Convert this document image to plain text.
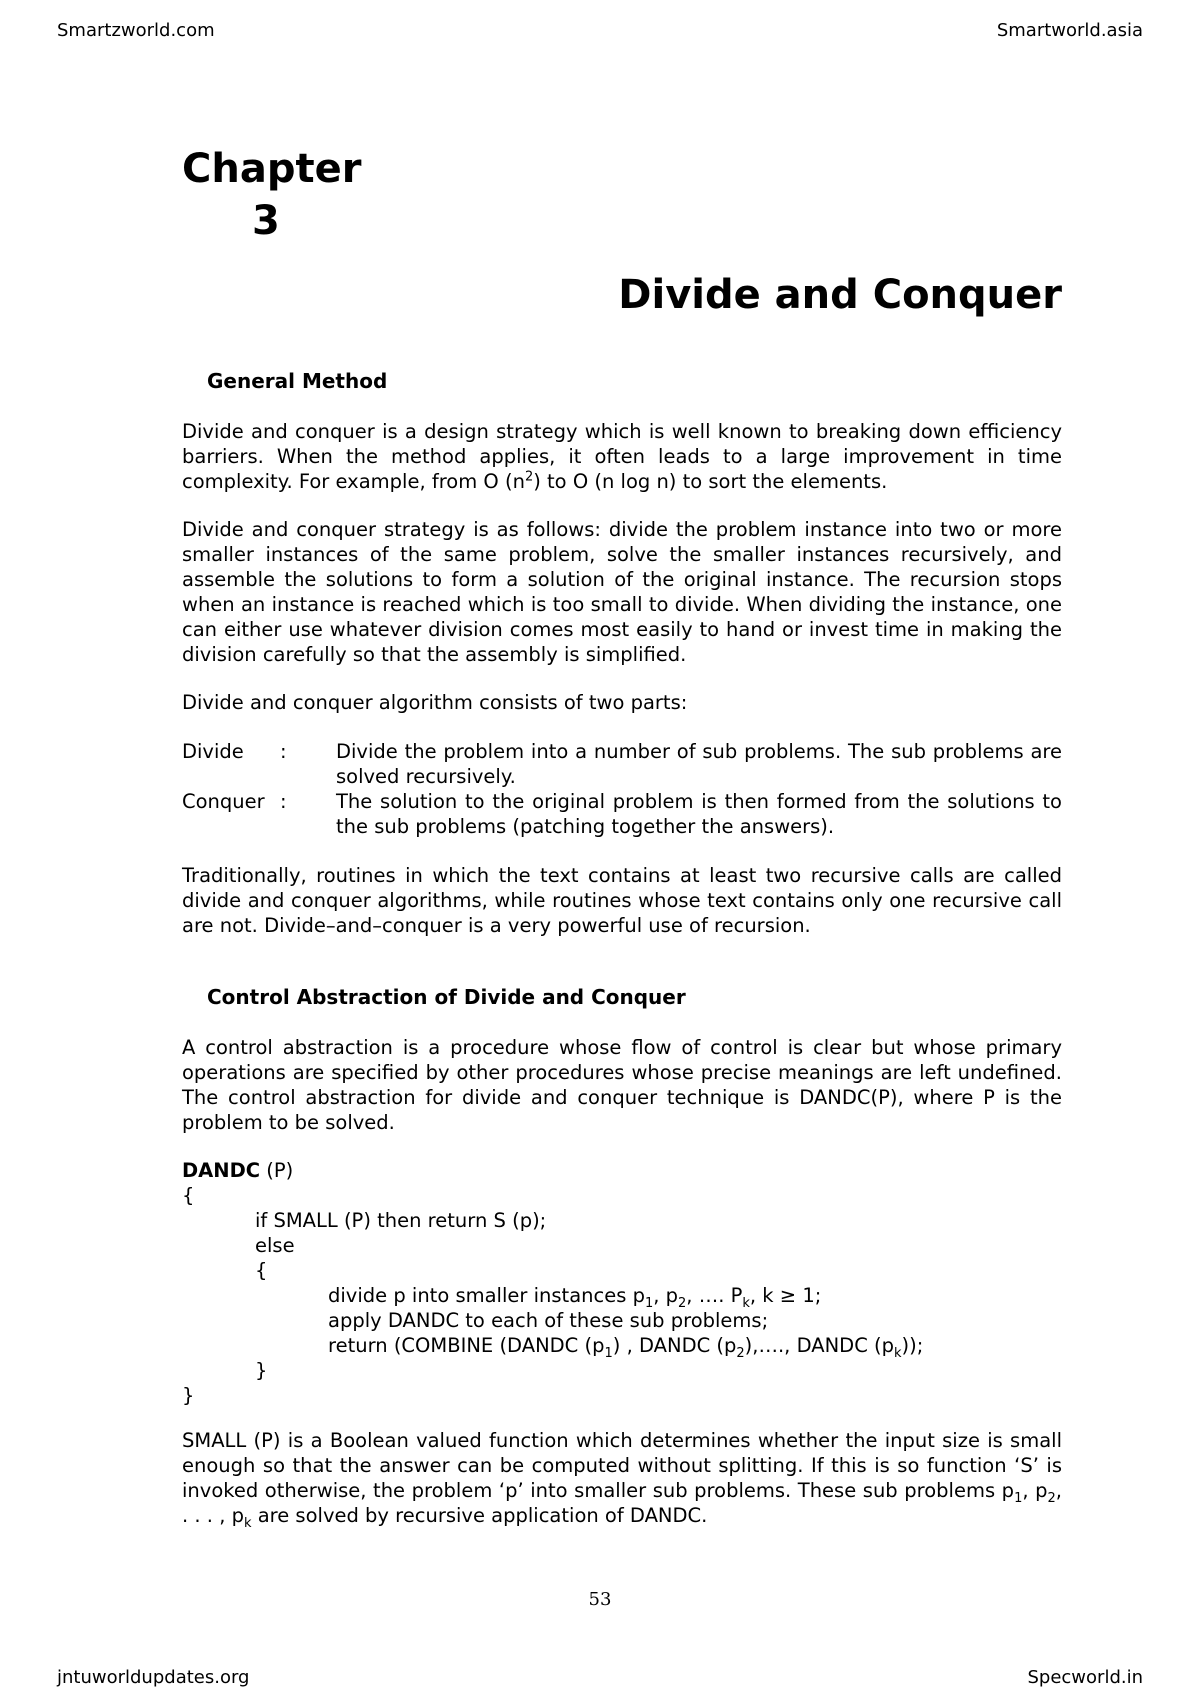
Smartzworld.com	Smartworld.asia
Chapter
3
Divide and Conquer
General Method

Divide and conquer is a design strategy which is well known to breaking down efficiency barriers. When the method applies, it often leads to a large improvement in time complexity. For example, from O $(n^2)$ to O (n log n) to sort the elements.

Divide and conquer strategy is as follows: divide the problem instance into two or more smaller instances of the same problem, solve the smaller instances recursively, and assemble the solutions to form a solution of the original instance. The recursion stops when an instance is reached which is too small to divide. When dividing the instance, one can either use whatever division comes most easily to hand or invest time in making the division carefully so that the assembly is simplified.

Divide and conquer algorithm consists of two parts:

Divide	:	Divide the problem into a number of sub problems. The sub problems are solved recursively.
Conquer :	The solution to the original problem is then formed from the solutions to the sub problems (patching together the answers).

Traditionally, routines in which the text contains at least two recursive calls are called divide and conquer algorithms, while routines whose text contains only one recursive call are not. Divide–and–conquer is a very powerful use of recursion.

Control Abstraction of Divide and Conquer

A control abstraction is a procedure whose flow of control is clear but whose primary operations are specified by other procedures whose precise meanings are left undefined. The control abstraction for divide and conquer technique is DANDC(P), where P is the problem to be solved.

DANDC (P)
{
if SMALL (P) then return S (p);
else
{
divide p into smaller instances $p_1$, $p_2$, …. $P_k$, k ≥ 1;
apply DANDC to each of these sub problems;
return (COMBINE (DANDC $(p_1)$ , DANDC $(p_2),\dots$., DANDC $(p_k)$);
}
}

SMALL (P) is a Boolean valued function which determines whether the input size is small enough so that the answer can be computed without splitting. If this is so function ‘S’ is invoked otherwise, the problem ‘p’ into smaller sub problems. These sub problems $p_1$, $p_2$, . . . , $p_k$ are solved by recursive application of DANDC.

53
jntuworldupdates.org	Specworld.in
